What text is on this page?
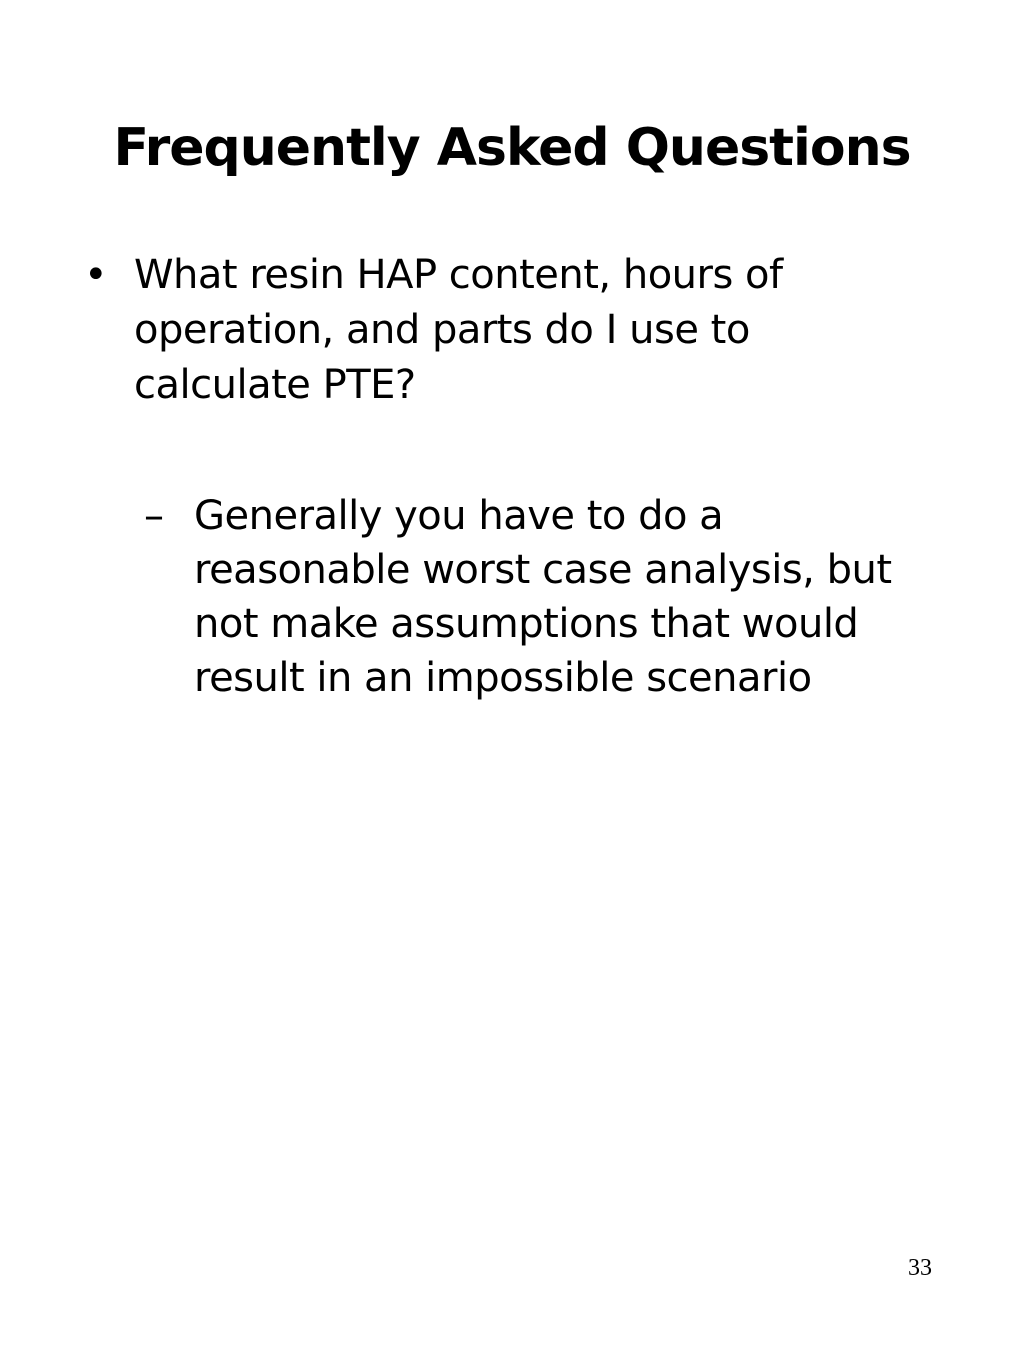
Frequently Asked Questions
• What resin HAP content, hours of operation, and parts do I use to calculate PTE?
– Generally you have to do a reasonable worst case analysis, but not make assumptions that would result in an impossible scenario
33
